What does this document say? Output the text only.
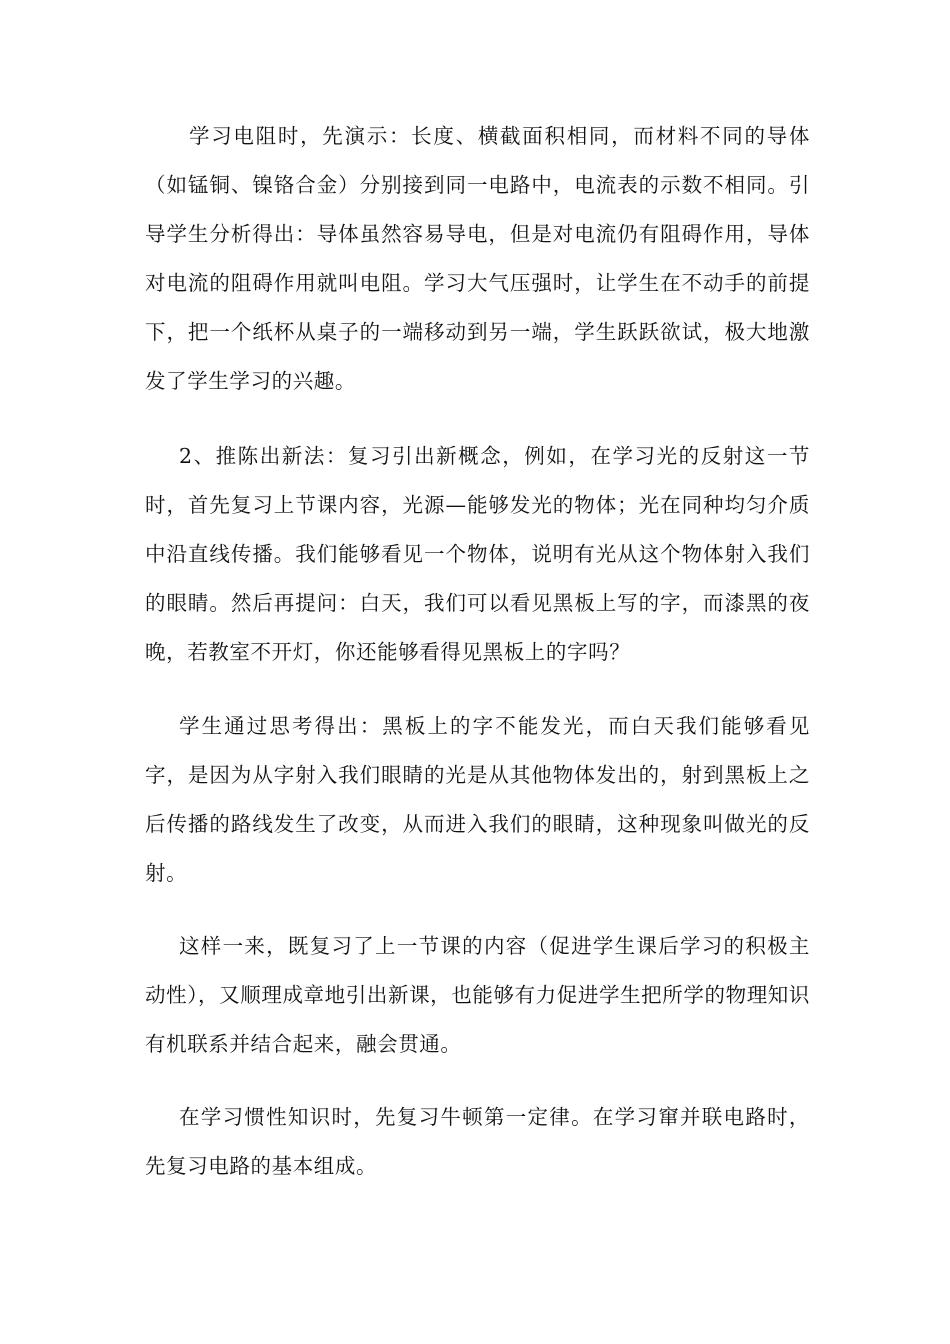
学习电阻时，先演示：长度、横截面积相同，而材料不同的导体（如锰铜、镍铬合金）分别接到同一电路中，电流表的示数不相同。引导学生分析得出：导体虽然容易导电，但是对电流仍有阻碍作用，导体对电流的阻碍作用就叫电阻。学习大气压强时，让学生在不动手的前提下，把一个纸杯从桌子的一端移动到另一端，学生跃跃欲试，极大地激发了学生学习的兴趣。

2、推陈出新法：复习引出新概念，例如，在学习光的反射这一节时，首先复习上节课内容，光源—能够发光的物体；光在同种均匀介质中沿直线传播。我们能够看见一个物体，说明有光从这个物体射入我们的眼睛。然后再提问：白天，我们可以看见黑板上写的字，而漆黑的夜晚，若教室不开灯，你还能够看得见黑板上的字吗？

学生通过思考得出：黑板上的字不能发光，而白天我们能够看见字，是因为从字射入我们眼睛的光是从其他物体发出的，射到黑板上之后传播的路线发生了改变，从而进入我们的眼睛，这种现象叫做光的反射。

这样一来，既复习了上一节课的内容（促进学生课后学习的积极主动性），又顺理成章地引出新课，也能够有力促进学生把所学的物理知识有机联系并结合起来，融会贯通。

在学习惯性知识时，先复习牛顿第一定律。在学习窜并联电路时，先复习电路的基本组成。
